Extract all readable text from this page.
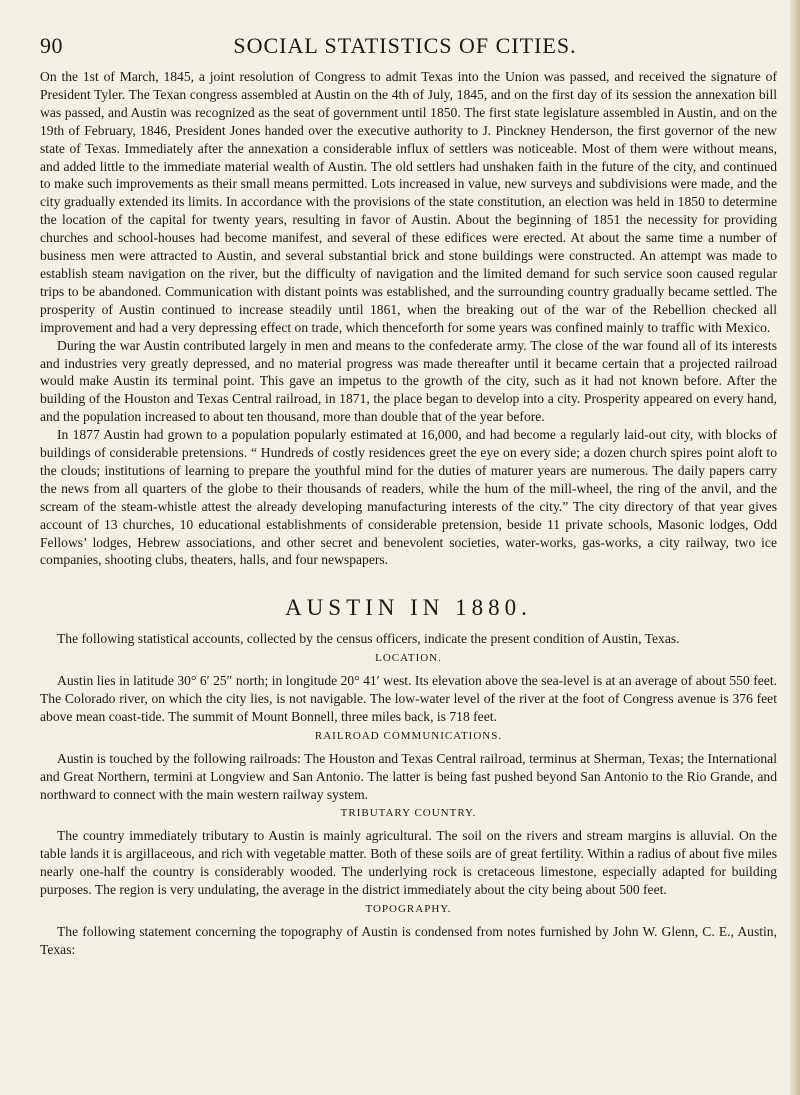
90	SOCIAL STATISTICS OF CITIES.

On the 1st of March, 1845, a joint resolution of Congress to admit Texas into the Union was passed, and received the signature of President Tyler. The Texan congress assembled at Austin on the 4th of July, 1845, and on the first day of its session the annexation bill was passed, and Austin was recognized as the seat of government until 1850. The first state legislature assembled in Austin, and on the 19th of February, 1846, President Jones handed over the executive authority to J. Pinckney Henderson, the first governor of the new state of Texas. Immediately after the annexation a considerable influx of settlers was noticeable. Most of them were without means, and added little to the immediate material wealth of Austin. The old settlers had unshaken faith in the future of the city, and continued to make such improvements as their small means permitted. Lots increased in value, new surveys and subdivisions were made, and the city gradually extended its limits. In accordance with the provisions of the state constitution, an election was held in 1850 to determine the location of the capital for twenty years, resulting in favor of Austin. About the beginning of 1851 the necessity for providing churches and school-houses had become manifest, and several of these edifices were erected. At about the same time a number of business men were attracted to Austin, and several substantial brick and stone buildings were constructed. An attempt was made to establish steam navigation on the river, but the difficulty of navigation and the limited demand for such service soon caused regular trips to be abandoned. Communication with distant points was established, and the surrounding country gradually became settled. The prosperity of Austin continued to increase steadily until 1861, when the breaking out of the war of the Rebellion checked all improvement and had a very depressing effect on trade, which thenceforth for some years was confined mainly to traffic with Mexico.

During the war Austin contributed largely in men and means to the confederate army. The close of the war found all of its interests and industries very greatly depressed, and no material progress was made thereafter until it became certain that a projected railroad would make Austin its terminal point. This gave an impetus to the growth of the city, such as it had not known before. After the building of the Houston and Texas Central railroad, in 1871, the place began to develop into a city. Prosperity appeared on every hand, and the population increased to about ten thousand, more than double that of the year before.

In 1877 Austin had grown to a population popularly estimated at 16,000, and had become a regularly laid-out city, with blocks of buildings of considerable pretensions. “ Hundreds of costly residences greet the eye on every side; a dozen church spires point aloft to the clouds; institutions of learning to prepare the youthful mind for the duties of maturer years are numerous. The daily papers carry the news from all quarters of the globe to their thousands of readers, while the hum of the mill-wheel, the ring of the anvil, and the scream of the steam-whistle attest the already developing manufacturing interests of the city.” The city directory of that year gives account of 13 churches, 10 educational establishments of considerable pretension, beside 11 private schools, Masonic lodges, Odd Fellows’ lodges, Hebrew associations, and other secret and benevolent societies, water-works, gas-works, a city railway, two ice companies, shooting clubs, theaters, halls, and four newspapers.

AUSTIN IN 1880.

The following statistical accounts, collected by the census officers, indicate the present condition of Austin, Texas.

LOCATION.

Austin lies in latitude 30° 6′ 25″ north; in longitude 20° 41′ west. Its elevation above the sea-level is at an average of about 550 feet. The Colorado river, on which the city lies, is not navigable. The low-water level of the river at the foot of Congress avenue is 376 feet above mean coast-tide. The summit of Mount Bonnell, three miles back, is 718 feet.

RAILROAD COMMUNICATIONS.

Austin is touched by the following railroads: The Houston and Texas Central railroad, terminus at Sherman, Texas; the International and Great Northern, termini at Longview and San Antonio. The latter is being fast pushed beyond San Antonio to the Rio Grande, and northward to connect with the main western railway system.

TRIBUTARY COUNTRY.

The country immediately tributary to Austin is mainly agricultural. The soil on the rivers and stream margins is alluvial. On the table lands it is argillaceous, and rich with vegetable matter. Both of these soils are of great fertility. Within a radius of about five miles nearly one-half the country is considerably wooded. The underlying rock is cretaceous limestone, especially adapted for building purposes. The region is very undulating, the average in the district immediately about the city being about 500 feet.

TOPOGRAPHY.

The following statement concerning the topography of Austin is condensed from notes furnished by John W. Glenn, C. E., Austin, Texas:
